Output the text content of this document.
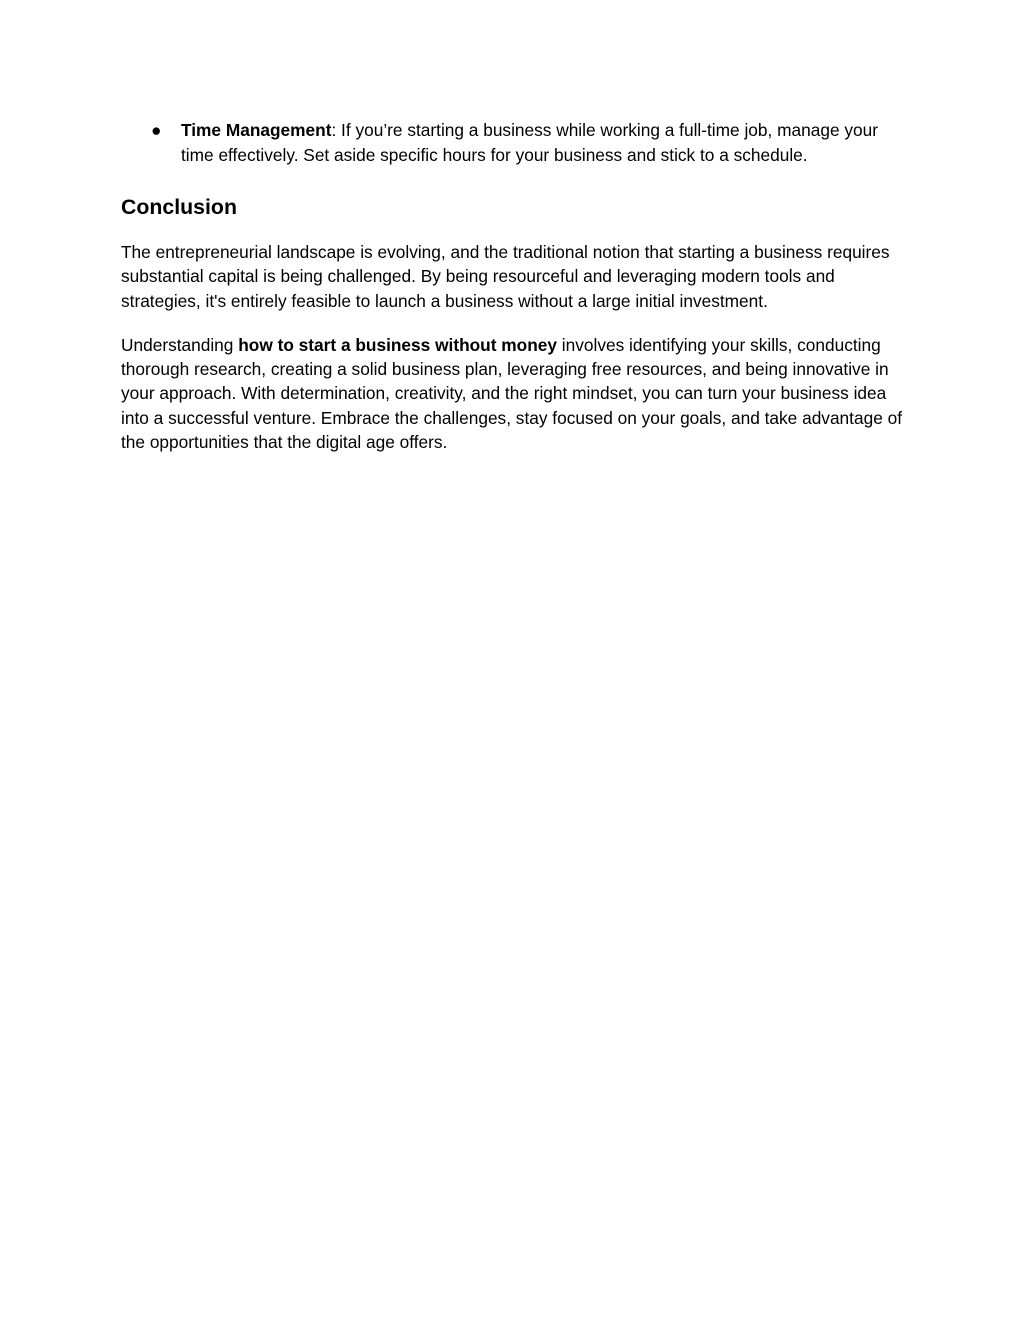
● Time Management: If you’re starting a business while working a full-time job, manage your time effectively. Set aside specific hours for your business and stick to a schedule.
Conclusion

The entrepreneurial landscape is evolving, and the traditional notion that starting a business requires substantial capital is being challenged. By being resourceful and leveraging modern tools and strategies, it's entirely feasible to launch a business without a large initial investment.

Understanding how to start a business without money involves identifying your skills, conducting thorough research, creating a solid business plan, leveraging free resources, and being innovative in your approach. With determination, creativity, and the right mindset, you can turn your business idea into a successful venture. Embrace the challenges, stay focused on your goals, and take advantage of the opportunities that the digital age offers.
